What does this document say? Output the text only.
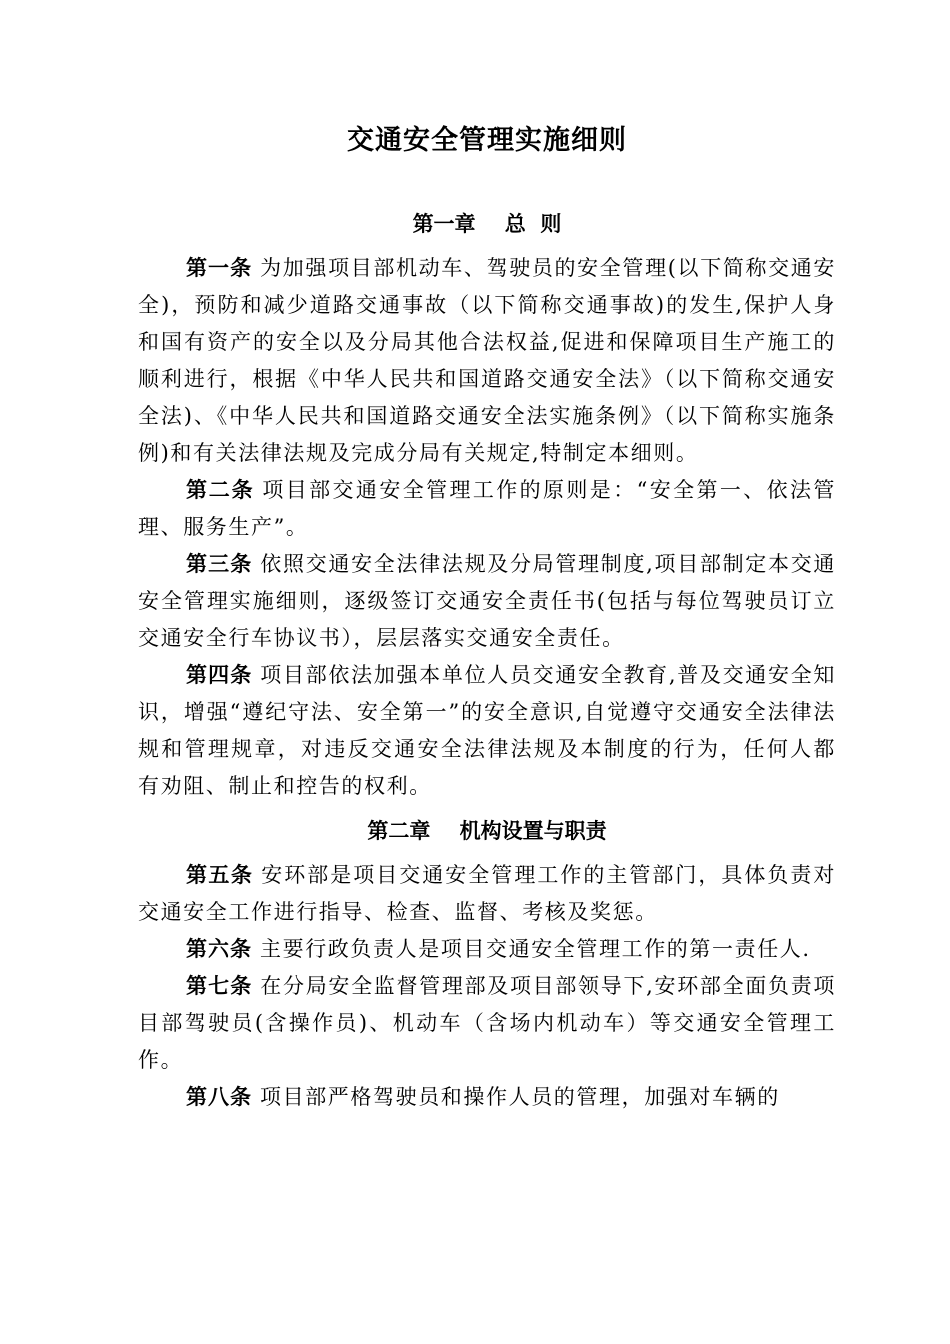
交通安全管理实施细则
第一章    总  则

第一条 为加强项目部机动车、驾驶员的安全管理(以下简称交通安全)，预防和减少道路交通事故（以下简称交通事故)的发生,保护人身和国有资产的安全以及分局其他合法权益,促进和保障项目生产施工的顺利进行，根据《中华人民共和国道路交通安全法》（以下简称交通安全法)、《中华人民共和国道路交通安全法实施条例》（以下简称实施条例)和有关法律法规及完成分局有关规定,特制定本细则。

第二条 项目部交通安全管理工作的原则是：“安全第一、依法管理、服务生产”。

第三条 依照交通安全法律法规及分局管理制度,项目部制定本交通安全管理实施细则，逐级签订交通安全责任书(包括与每位驾驶员订立交通安全行车协议书），层层落实交通安全责任。

第四条 项目部依法加强本单位人员交通安全教育,普及交通安全知识，增强“遵纪守法、安全第一”的安全意识,自觉遵守交通安全法律法规和管理规章，对违反交通安全法律法规及本制度的行为，任何人都有劝阻、制止和控告的权利。

第二章    机构设置与职责

第五条 安环部是项目交通安全管理工作的主管部门，具体负责对交通安全工作进行指导、检查、监督、考核及奖惩。

第六条 主要行政负责人是项目交通安全管理工作的第一责任人.

第七条 在分局安全监督管理部及项目部领导下,安环部全面负责项目部驾驶员(含操作员)、机动车（含场内机动车）等交通安全管理工作。

第八条 项目部严格驾驶员和操作人员的管理，加强对车辆的
